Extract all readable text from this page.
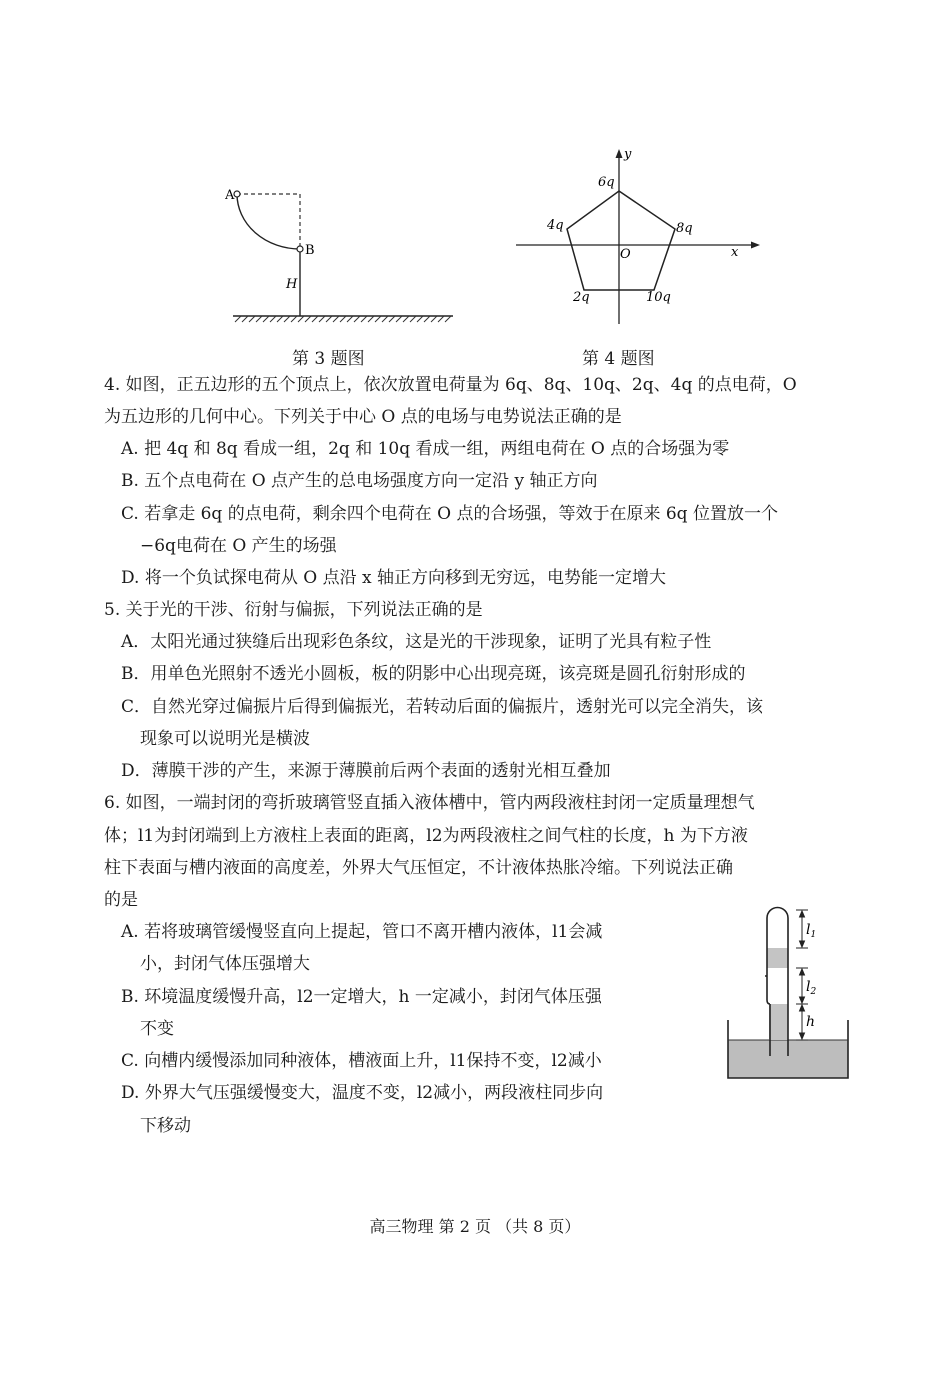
A
B
H
第 3 题图
y
x
O
6q
8q
10q
2q
4q
第 4 题图
4. 如图，正五边形的五个顶点上，依次放置电荷量为 6q、8q、10q、2q、4q 的点电荷，O
为五边形的几何中心。下列关于中心 O 点的电场与电势说法正确的是
A. 把 4q 和 8q 看成一组，2q 和 10q 看成一组，两组电荷在 O 点的合场强为零
B. 五个点电荷在 O 点产生的总电场强度方向一定沿 y 轴正方向
C. 若拿走 6q 的点电荷，剩余四个电荷在 O 点的合场强，等效于在原来 6q 位置放一个
−6q电荷在 O 产生的场强
D. 将一个负试探电荷从 O 点沿 x 轴正方向移到无穷远，电势能一定增大
5. 关于光的干涉、衍射与偏振，下列说法正确的是
A．太阳光通过狭缝后出现彩色条纹，这是光的干涉现象，证明了光具有粒子性
B．用单色光照射不透光小圆板，板的阴影中心出现亮斑，该亮斑是圆孔衍射形成的
C．自然光穿过偏振片后得到偏振光，若转动后面的偏振片，透射光可以完全消失，该
现象可以说明光是横波
D．薄膜干涉的产生，来源于薄膜前后两个表面的透射光相互叠加
6. 如图，一端封闭的弯折玻璃管竖直插入液体槽中，管内两段液柱封闭一定质量理想气
体；l1为封闭端到上方液柱上表面的距离，l2为两段液柱之间气柱的长度，h 为下方液
柱下表面与槽内液面的高度差，外界大气压恒定，不计液体热胀冷缩。下列说法正确
的是
A. 若将玻璃管缓慢竖直向上提起，管口不离开槽内液体，l1会减
小，封闭气体压强增大
B. 环境温度缓慢升高，l2一定增大，h 一定减小，封闭气体压强
不变
C. 向槽内缓慢添加同种液体，槽液面上升，l1保持不变，l2减小
D. 外界大气压强缓慢变大，温度不变，l2减小，两段液柱同步向
下移动
$l_1$
$l_2$
h
高三物理 第 2 页 （共 8 页）
